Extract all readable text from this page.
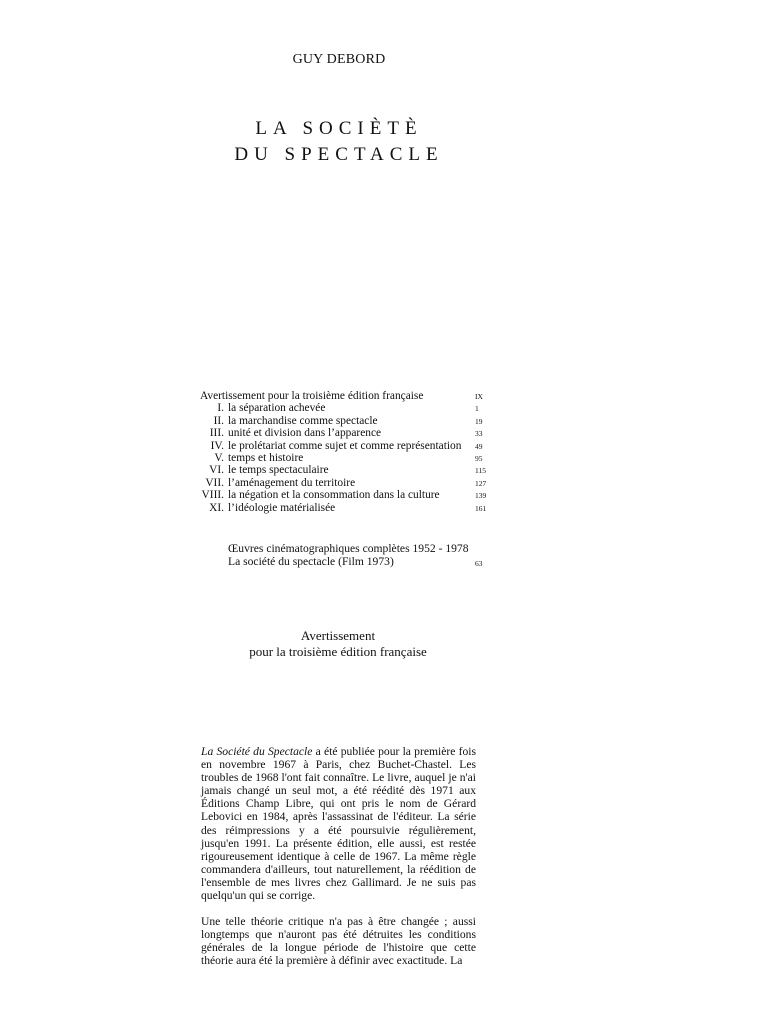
GUY DEBORD
LA SOCIÈTÈ
DU SPECTACLE
Avertissement pour la troisième édition française	IX
I. la séparation achevée	1
II. la marchandise comme spectacle	19
III. unité et division dans l’apparence	33
IV. le prolétariat comme sujet et comme représentation 49
V. temps et histoire	95
VI. le temps spectaculaire	115
VII. l’aménagement du territoire	127
VIII. la négation et la consommation dans la culture	139
XI. l’idéologie matérialisée	161
Œuvres cinématographiques complètes 1952 - 1978
La société du spectacle (Film 1973)	63
Avertissement
pour la troisième édition française

La Société du Spectacle a été publiée pour la première fois en novembre 1967 à Paris, chez Buchet-Chastel. Les troubles de 1968 l'ont fait connaître. Le livre, auquel je n'ai jamais changé un seul mot, a été réédité dès 1971 aux Éditions Champ Libre, qui ont pris le nom de Gérard Lebovici en 1984, après l'assassinat de l'éditeur. La série des réimpressions y a été poursuivie régulièrement, jusqu'en 1991. La présente édition, elle aussi, est restée rigoureusement identique à celle de 1967. La même règle commandera d'ailleurs, tout naturellement, la réédition de l'ensemble de mes livres chez Gallimard. Je ne suis pas quelqu'un qui se corrige.

Une telle théorie critique n'a pas à être changée ; aussi longtemps que n'auront pas été détruites les conditions générales de la longue période de l'histoire que cette théorie aura été la première à définir avec exactitude. La
